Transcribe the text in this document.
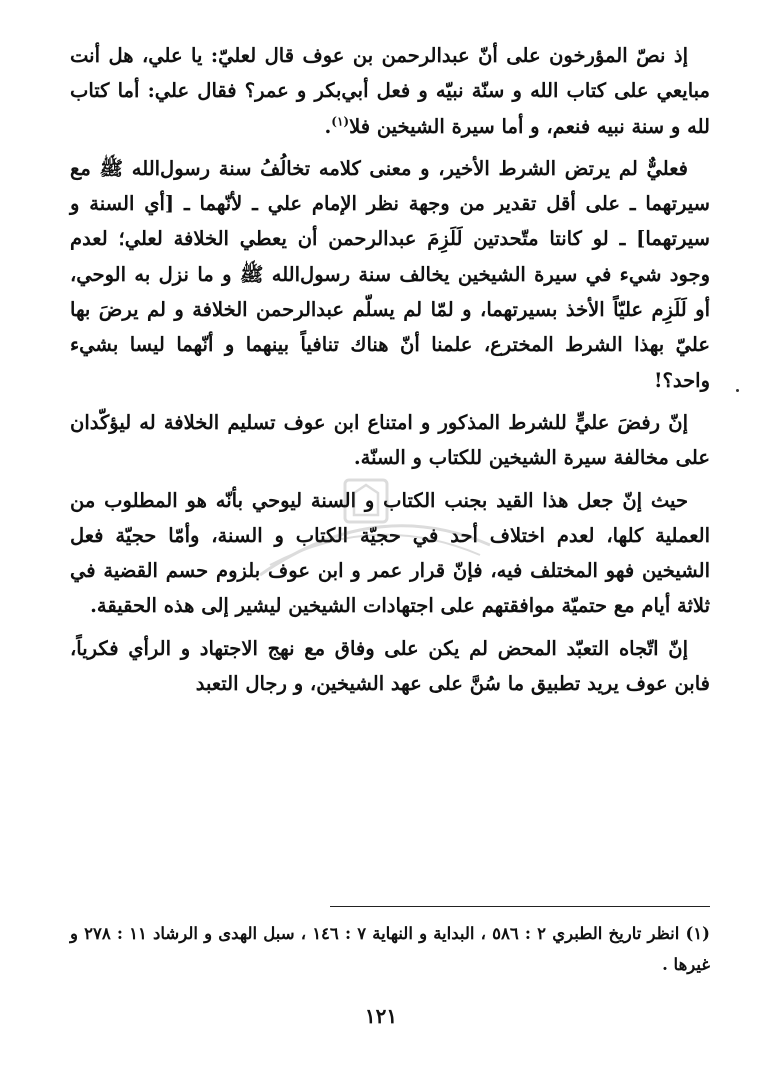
إذ نصّ المؤرخون على أنّ عبدالرحمن بن عوف قال لعليّ: يا علي، هل أنت مبايعي على كتاب الله و سنّة نبيّه و فعل أبي‌بكر و عمر؟ فقال علي: أما كتاب لله و سنة نبيه فنعم، و أما سيرة الشيخين فلا$^{(١)}$.

فعليٌّ لم يرتض الشرط الأخير، و معنى كلامه تخالُفُ سنة رسول‌الله ﷺ مع سيرتهما ـ على أقل تقدير من وجهة نظر الإمام علي ـ لأنّهما ـ [أي السنة و سيرتهما] ـ لو كانتا متّحدتين لَلَزِمَ عبدالرحمن أن يعطي الخلافة لعلي؛ لعدم وجود شيء في سيرة الشيخين يخالف سنة رسول‌الله ﷺ و ما نزل به الوحي، أو لَلَزِم عليّاً الأخذ بسيرتهما، و لمّا لم يسلّم عبدالرحمن الخلافة و لم يرضَ بها عليّ بهذا الشرط المخترع، علمنا أنّ هناك تنافياً بينهما و أنّهما ليسا بشيء واحد؟!

إنّ رفضَ عليٍّ للشرط المذكور و امتناع ابن عوف تسليم الخلافة له ليؤكّدان على مخالفة سيرة الشيخين للكتاب و السنّة.

حيث إنّ جعل هذا القيد بجنب الكتاب و السنة ليوحي بأنّه هو المطلوب من العملية كلها، لعدم اختلاف أحد في حجيّة الكتاب و السنة، وأمّا حجيّة فعل الشيخين فهو المختلف فيه، فإنّ قرار عمر و ابن عوف بلزوم حسم القضية في ثلاثة أيام مع حتميّة موافقتهم على اجتهادات الشيخين ليشير إلى هذه الحقيقة.

إنّ اتّجاه التعبّد المحض لم يكن على وفاق مع نهج الاجتهاد و الرأي فكرياً، فابن عوف يريد تطبيق ما سُنَّ على عهد الشيخين، و رجال التعبد

(١) انظر تاريخ الطبري ٢ : ٥٨٦ ، البداية و النهاية ٧ : ١٤٦ ، سبل الهدى و الرشاد ١١ : ٢٧٨ و غيرها .
١٢١
